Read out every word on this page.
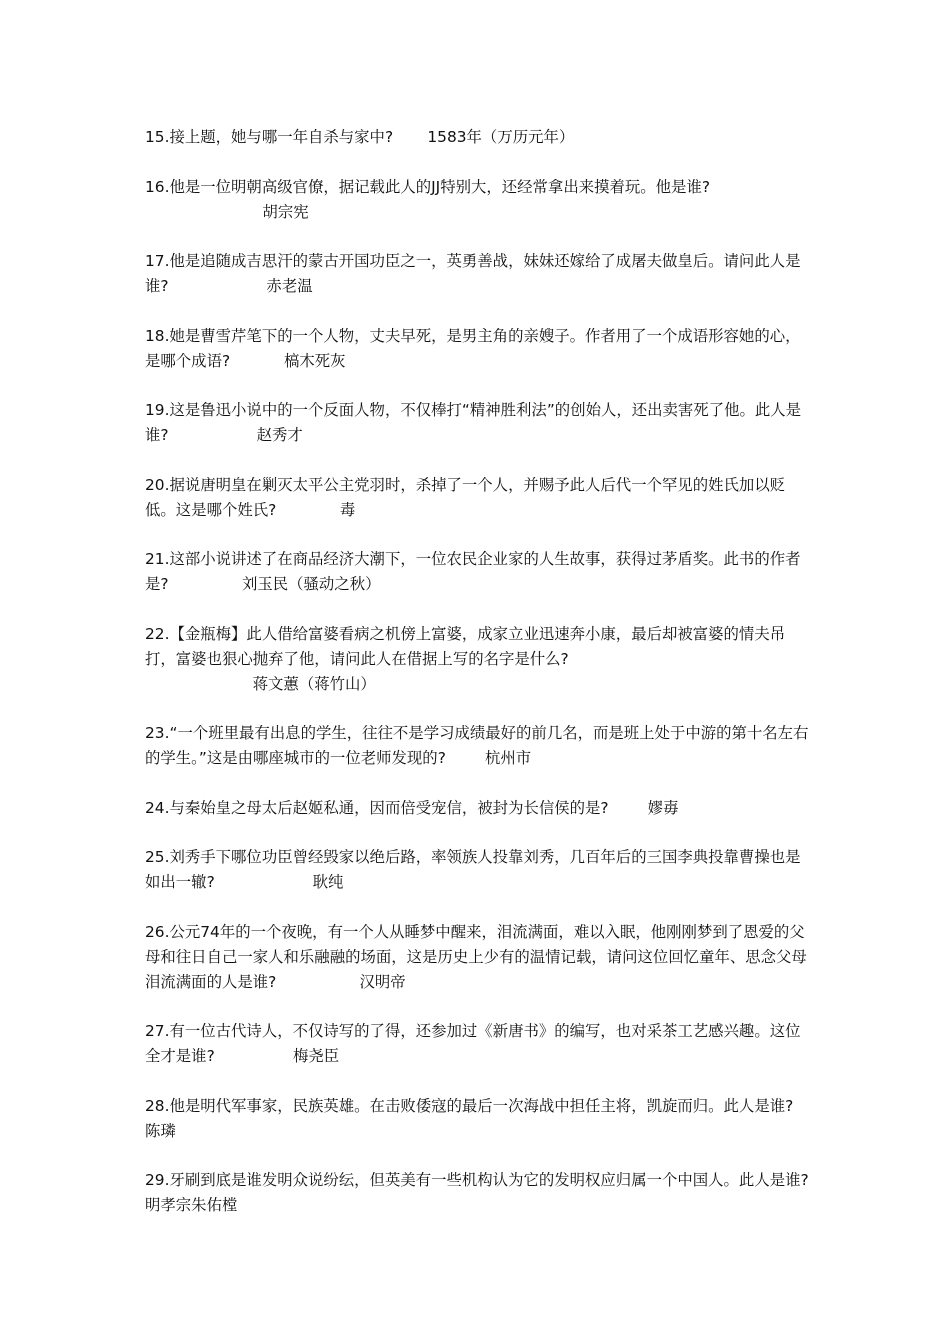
15.接上题，她与哪一年自杀与家中? 1583年（万历元年）

16.他是一位明朝高级官僚，据记载此人的JJ特别大，还经常拿出来摸着玩。他是谁?
胡宗宪

17.他是追随成吉思汗的蒙古开国功臣之一，英勇善战，妹妹还嫁给了成屠夫做皇后。请问此人是谁?	赤老温

18.她是曹雪芹笔下的一个人物，丈夫早死，是男主角的亲嫂子。作者用了一个成语形容她的心，是哪个成语?	槁木死灰

19.这是鲁迅小说中的一个反面人物，不仅棒打“精神胜利法”的创始人，还出卖害死了他。此人是谁?	赵秀才

20.据说唐明皇在剿灭太平公主党羽时，杀掉了一个人，并赐予此人后代一个罕见的姓氏加以贬低。这是哪个姓氏?	毒

21.这部小说讲述了在商品经济大潮下，一位农民企业家的人生故事，获得过茅盾奖。此书的作者是?	刘玉民（骚动之秋）

22.【金瓶梅】此人借给富婆看病之机傍上富婆，成家立业迅速奔小康，最后却被富婆的情夫吊打，富婆也狠心抛弃了他，请问此人在借据上写的名字是什么?
蒋文蕙（蒋竹山）

23.“一个班里最有出息的学生，往往不是学习成绩最好的前几名，而是班上处于中游的第十名左右的学生。”这是由哪座城市的一位老师发现的?	杭州市

24.与秦始皇之母太后赵姬私通，因而倍受宠信，被封为长信侯的是?	嫪毐

25.刘秀手下哪位功臣曾经毁家以绝后路，率领族人投靠刘秀，几百年后的三国李典投靠曹操也是如出一辙?	耿纯

26.公元74年的一个夜晚，有一个人从睡梦中醒来，泪流满面，难以入眠，他刚刚梦到了恩爱的父母和往日自己一家人和乐融融的场面，这是历史上少有的温情记载，请问这位回忆童年、思念父母泪流满面的人是谁?	汉明帝

27.有一位古代诗人，不仅诗写的了得，还参加过《新唐书》的编写，也对采茶工艺感兴趣。这位全才是谁?	梅尧臣

28.他是明代军事家，民族英雄。在击败倭寇的最后一次海战中担任主将，凯旋而归。此人是谁?                    陈璘

29.牙刷到底是谁发明众说纷纭，但英美有一些机构认为它的发明权应归属一个中国人。此人是谁?                   明孝宗朱佑樘
